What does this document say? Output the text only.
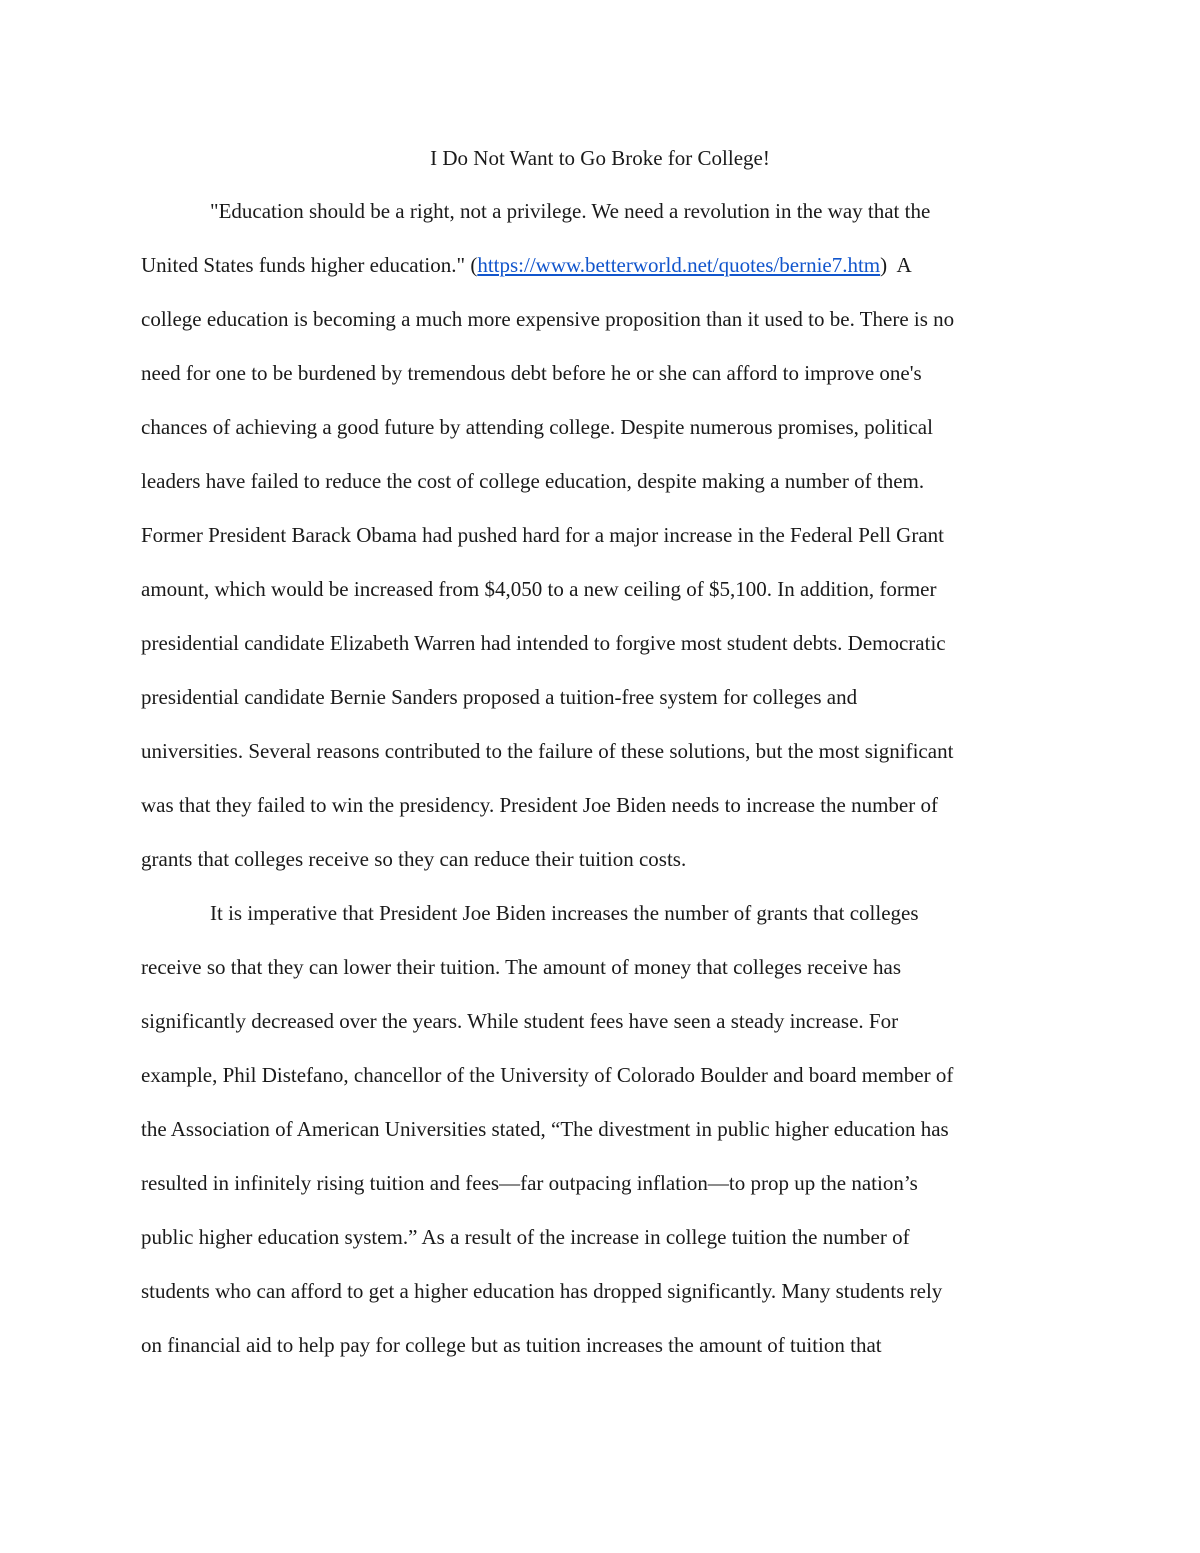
I Do Not Want to Go Broke for College!
"Education should be a right, not a privilege. We need a revolution in the way that the
United States funds higher education." (https://www.betterworld.net/quotes/bernie7.htm)  A
college education is becoming a much more expensive proposition than it used to be. There is no
need for one to be burdened by tremendous debt before he or she can afford to improve one's
chances of achieving a good future by attending college. Despite numerous promises, political
leaders have failed to reduce the cost of college education, despite making a number of them.
Former President Barack Obama had pushed hard for a major increase in the Federal Pell Grant
amount, which would be increased from $4,050 to a new ceiling of $5,100. In addition, former
presidential candidate Elizabeth Warren had intended to forgive most student debts. Democratic
presidential candidate Bernie Sanders proposed a tuition-free system for colleges and
universities. Several reasons contributed to the failure of these solutions, but the most significant
was that they failed to win the presidency. President Joe Biden needs to increase the number of
grants that colleges receive so they can reduce their tuition costs.
It is imperative that President Joe Biden increases the number of grants that colleges
receive so that they can lower their tuition. The amount of money that colleges receive has
significantly decreased over the years. While student fees have seen a steady increase. For
example, Phil Distefano, chancellor of the University of Colorado Boulder and board member of
the Association of American Universities stated, “The divestment in public higher education has
resulted in infinitely rising tuition and fees—far outpacing inflation—to prop up the nation’s
public higher education system.” As a result of the increase in college tuition the number of
students who can afford to get a higher education has dropped significantly. Many students rely
on financial aid to help pay for college but as tuition increases the amount of tuition that
